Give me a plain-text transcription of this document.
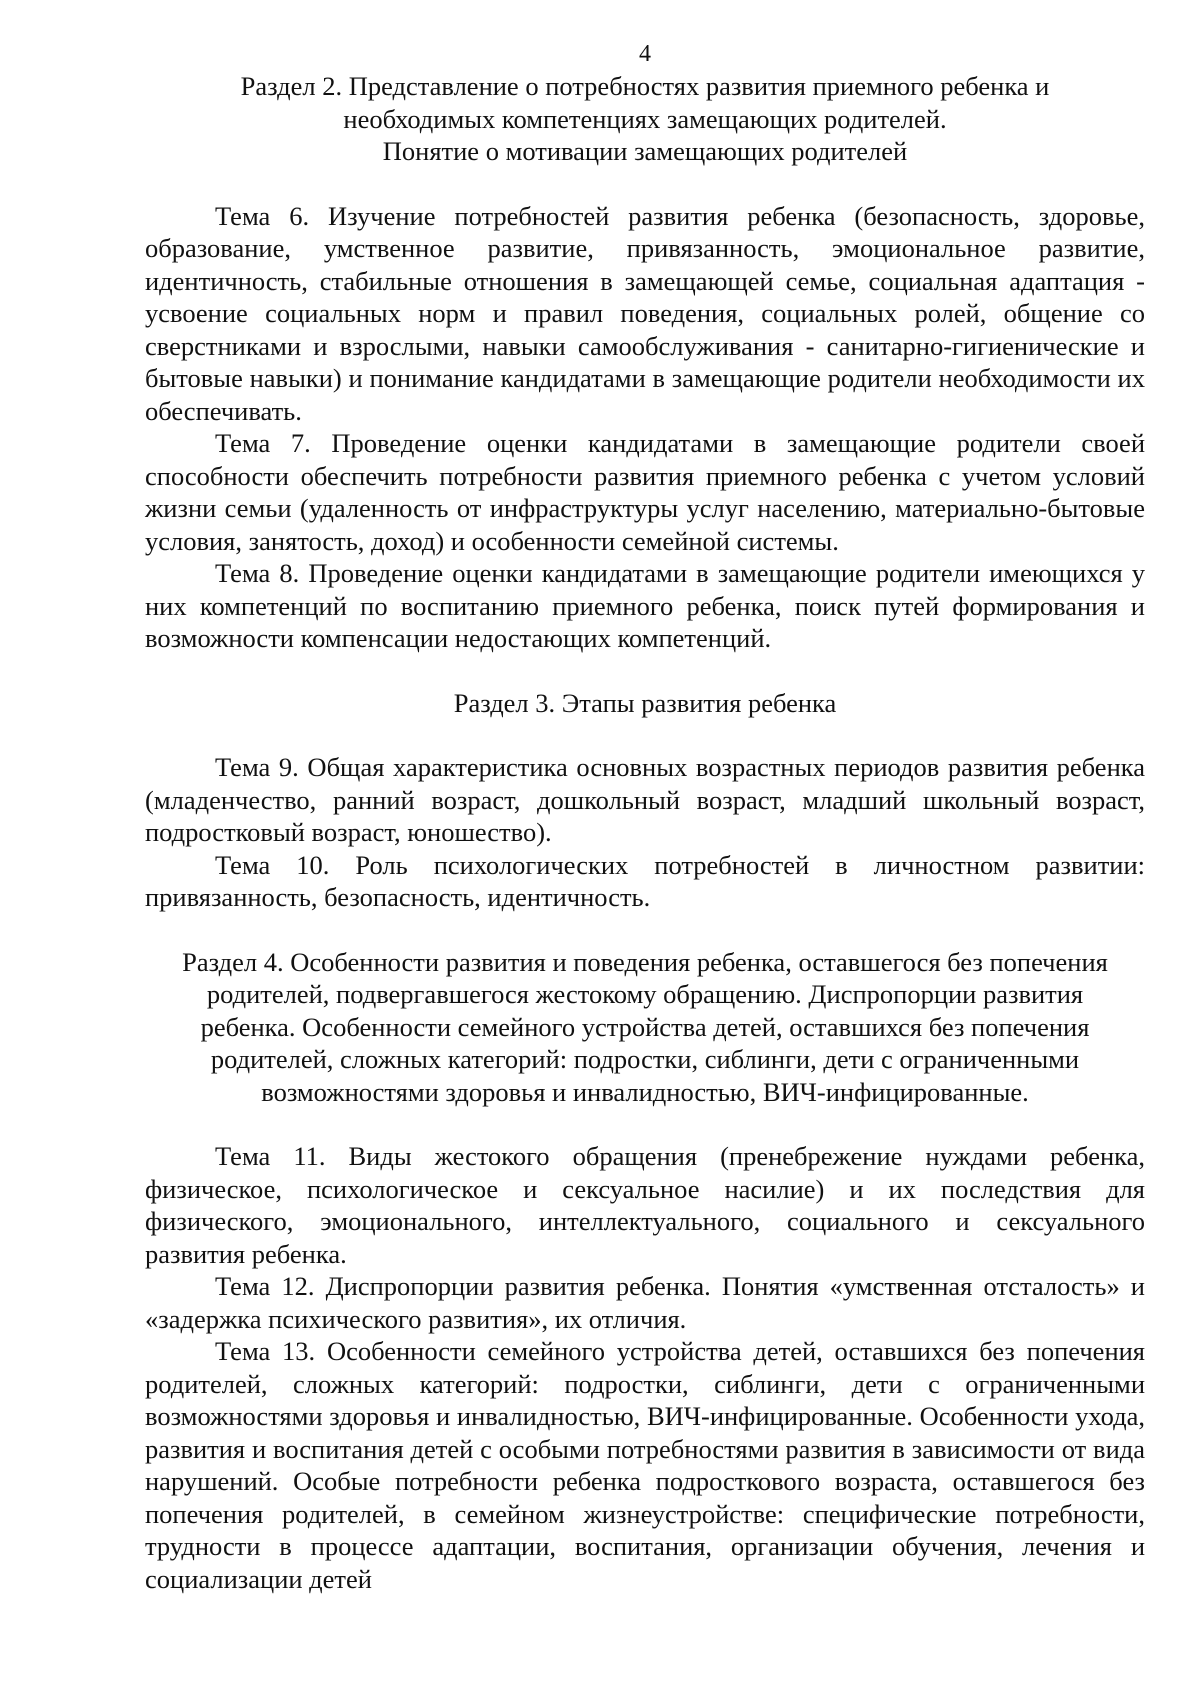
4
Раздел 2. Представление о потребностях развития приемного ребенка и
необходимых компетенциях замещающих родителей.
Понятие о мотивации замещающих родителей

Тема 6. Изучение потребностей развития ребенка (безопасность, здоровье, образование, умственное развитие, привязанность, эмоциональное развитие, идентичность, стабильные отношения в замещающей семье, социальная адаптация - усвоение социальных норм и правил поведения, социальных ролей, общение со сверстниками и взрослыми, навыки самообслуживания - санитарно-гигиенические и бытовые навыки) и понимание кандидатами в замещающие родители необходимости их обеспечивать.

Тема 7. Проведение оценки кандидатами в замещающие родители своей способности обеспечить потребности развития приемного ребенка с учетом условий жизни семьи (удаленность от инфраструктуры услуг населению, материально-бытовые условия, занятость, доход) и особенности семейной системы.

Тема 8. Проведение оценки кандидатами в замещающие родители имеющихся у них компетенций по воспитанию приемного ребенка, поиск путей формирования и возможности компенсации недостающих компетенций.

Раздел 3. Этапы развития ребенка

Тема 9. Общая характеристика основных возрастных периодов развития ребенка (младенчество, ранний возраст, дошкольный возраст, младший школьный возраст, подростковый возраст, юношество).

Тема 10. Роль психологических потребностей в личностном развитии: привязанность, безопасность, идентичность.

Раздел 4. Особенности развития и поведения ребенка, оставшегося без попечения
родителей, подвергавшегося жестокому обращению. Диспропорции развития
ребенка. Особенности семейного устройства детей, оставшихся без попечения
родителей, сложных категорий: подростки, сиблинги, дети с ограниченными
возможностями здоровья и инвалидностью, ВИЧ-инфицированные.

Тема 11. Виды жестокого обращения (пренебрежение нуждами ребенка, физическое, психологическое и сексуальное насилие) и их последствия для физического, эмоционального, интеллектуального, социального и сексуального развития ребенка.

Тема 12. Диспропорции развития ребенка. Понятия «умственная отсталость» и «задержка психического развития», их отличия.

Тема 13. Особенности семейного устройства детей, оставшихся без попечения родителей, сложных категорий: подростки, сиблинги, дети с ограниченными возможностями здоровья и инвалидностью, ВИЧ-инфицированные. Особенности ухода, развития и воспитания детей с особыми потребностями развития в зависимости от вида нарушений. Особые потребности ребенка подросткового возраста, оставшегося без попечения родителей, в семейном жизнеустройстве: специфические потребности, трудности в процессе адаптации, воспитания, организации обучения, лечения и социализации детей
